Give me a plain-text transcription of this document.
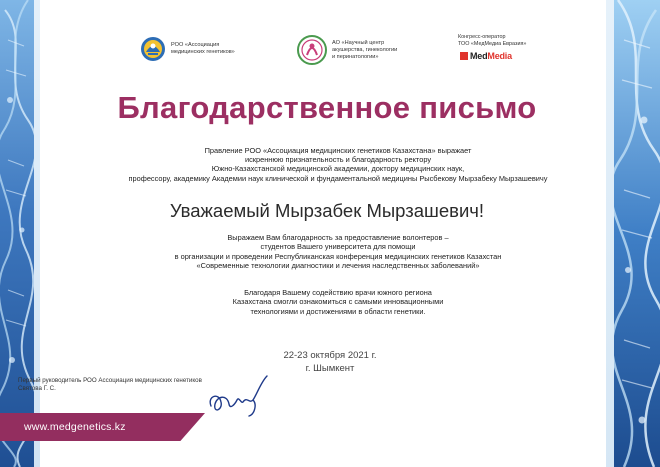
РОО «Ассоциация
медицинских генетиков»
АО «Научный центр
акушерства, гинекологии
и перинатологии»
Конгресс-оператор
ТОО «МедМедиа Евразия»
MedMedia
Благодарственное письмо
Правление РОО «Ассоциация медицинских генетиков Казахстана» выражает
искреннюю признательность и благодарность ректору
Южно-Казахстанской медицинской академии, доктору медицинских наук,
профессору, академику Академии наук клинической и фундаментальной медицины Рысбекову Мырзабеку Мырзашевичу
Уважаемый Мырзабек Мырзашевич!
Выражаем Вам благодарность за предоставление волонтеров –
студентов Вашего университета для помощи
в организации и проведении Республиканская конференция медицинских генетиков Казахстан
«Современные технологии диагностики и лечения наследственных заболеваний»
Благодаря Вашему содействию врачи южного региона
Казахстана смогли ознакомиться с самыми инновационными
технологиями и достижениями в области генетики.
22-23 октября 2021 г.
г. Шымкент
Первый руководитель РОО Ассоциация медицинских генетиков
Святова Г. С.
www.medgenetics.kz
